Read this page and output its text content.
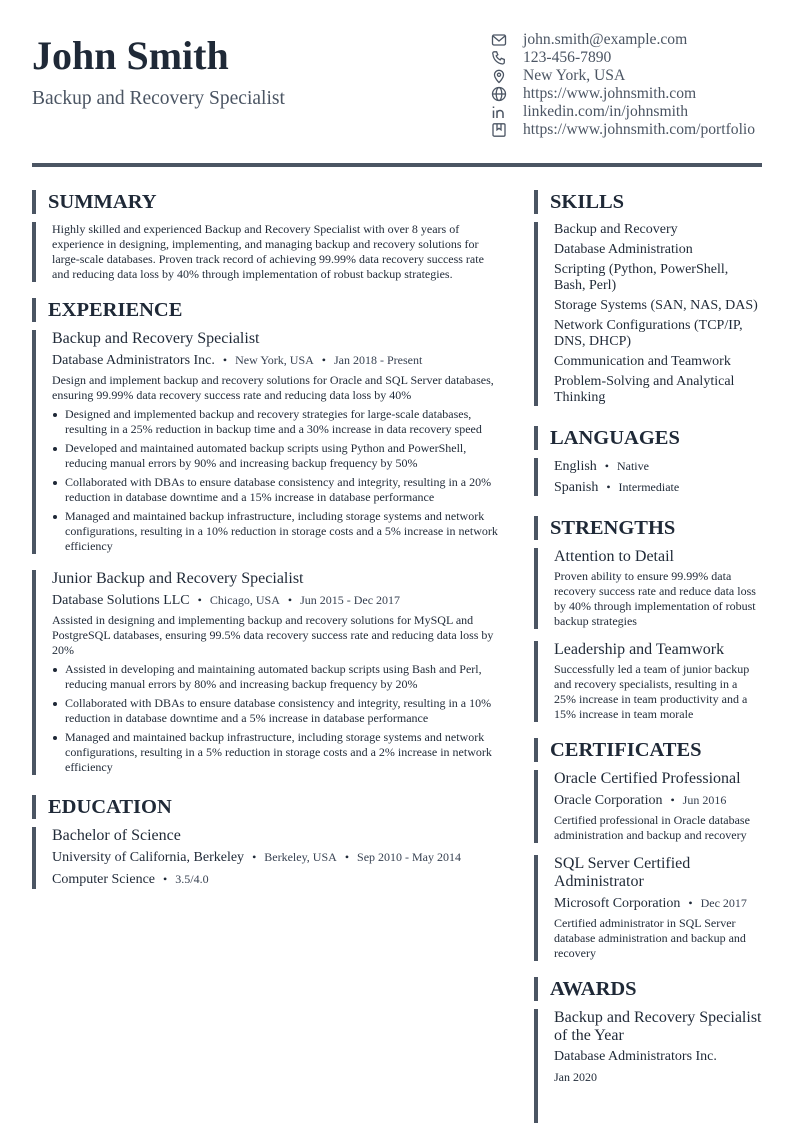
John Smith
Backup and Recovery Specialist
john.smith@example.com
123-456-7890
New York, USA
https://www.johnsmith.com
linkedin.com/in/johnsmith
https://www.johnsmith.com/portfolio
SUMMARY
Highly skilled and experienced Backup and Recovery Specialist with over 8 years of experience in designing, implementing, and managing backup and recovery solutions for large-scale databases. Proven track record of achieving 99.99% data recovery success rate and reducing data loss by 40% through implementation of robust backup strategies.
EXPERIENCE
Backup and Recovery Specialist
Database Administrators Inc. • New York, USA • Jan 2018 - Present
Design and implement backup and recovery solutions for Oracle and SQL Server databases, ensuring 99.99% data recovery success rate and reducing data loss by 40%
Designed and implemented backup and recovery strategies for large-scale databases, resulting in a 25% reduction in backup time and a 30% increase in data recovery speed
Developed and maintained automated backup scripts using Python and PowerShell, reducing manual errors by 90% and increasing backup frequency by 50%
Collaborated with DBAs to ensure database consistency and integrity, resulting in a 20% reduction in database downtime and a 15% increase in database performance
Managed and maintained backup infrastructure, including storage systems and network configurations, resulting in a 10% reduction in storage costs and a 5% increase in network efficiency
Junior Backup and Recovery Specialist
Database Solutions LLC • Chicago, USA • Jun 2015 - Dec 2017
Assisted in designing and implementing backup and recovery solutions for MySQL and PostgreSQL databases, ensuring 99.5% data recovery success rate and reducing data loss by 20%
Assisted in developing and maintaining automated backup scripts using Bash and Perl, reducing manual errors by 80% and increasing backup frequency by 20%
Collaborated with DBAs to ensure database consistency and integrity, resulting in a 10% reduction in database downtime and a 5% increase in database performance
Managed and maintained backup infrastructure, including storage systems and network configurations, resulting in a 5% reduction in storage costs and a 2% increase in network efficiency
EDUCATION
Bachelor of Science
University of California, Berkeley • Berkeley, USA • Sep 2010 - May 2014
Computer Science • 3.5/4.0
SKILLS
Backup and Recovery
Database Administration
Scripting (Python, PowerShell, Bash, Perl)
Storage Systems (SAN, NAS, DAS)
Network Configurations (TCP/IP, DNS, DHCP)
Communication and Teamwork
Problem-Solving and Analytical Thinking
LANGUAGES
English • Native
Spanish • Intermediate
STRENGTHS
Attention to Detail
Proven ability to ensure 99.99% data recovery success rate and reduce data loss by 40% through implementation of robust backup strategies
Leadership and Teamwork
Successfully led a team of junior backup and recovery specialists, resulting in a 25% increase in team productivity and a 15% increase in team morale
CERTIFICATES
Oracle Certified Professional
Oracle Corporation • Jun 2016
Certified professional in Oracle database administration and backup and recovery
SQL Server Certified Administrator
Microsoft Corporation • Dec 2017
Certified administrator in SQL Server database administration and backup and recovery
AWARDS
Backup and Recovery Specialist of the Year
Database Administrators Inc.
Jan 2020
